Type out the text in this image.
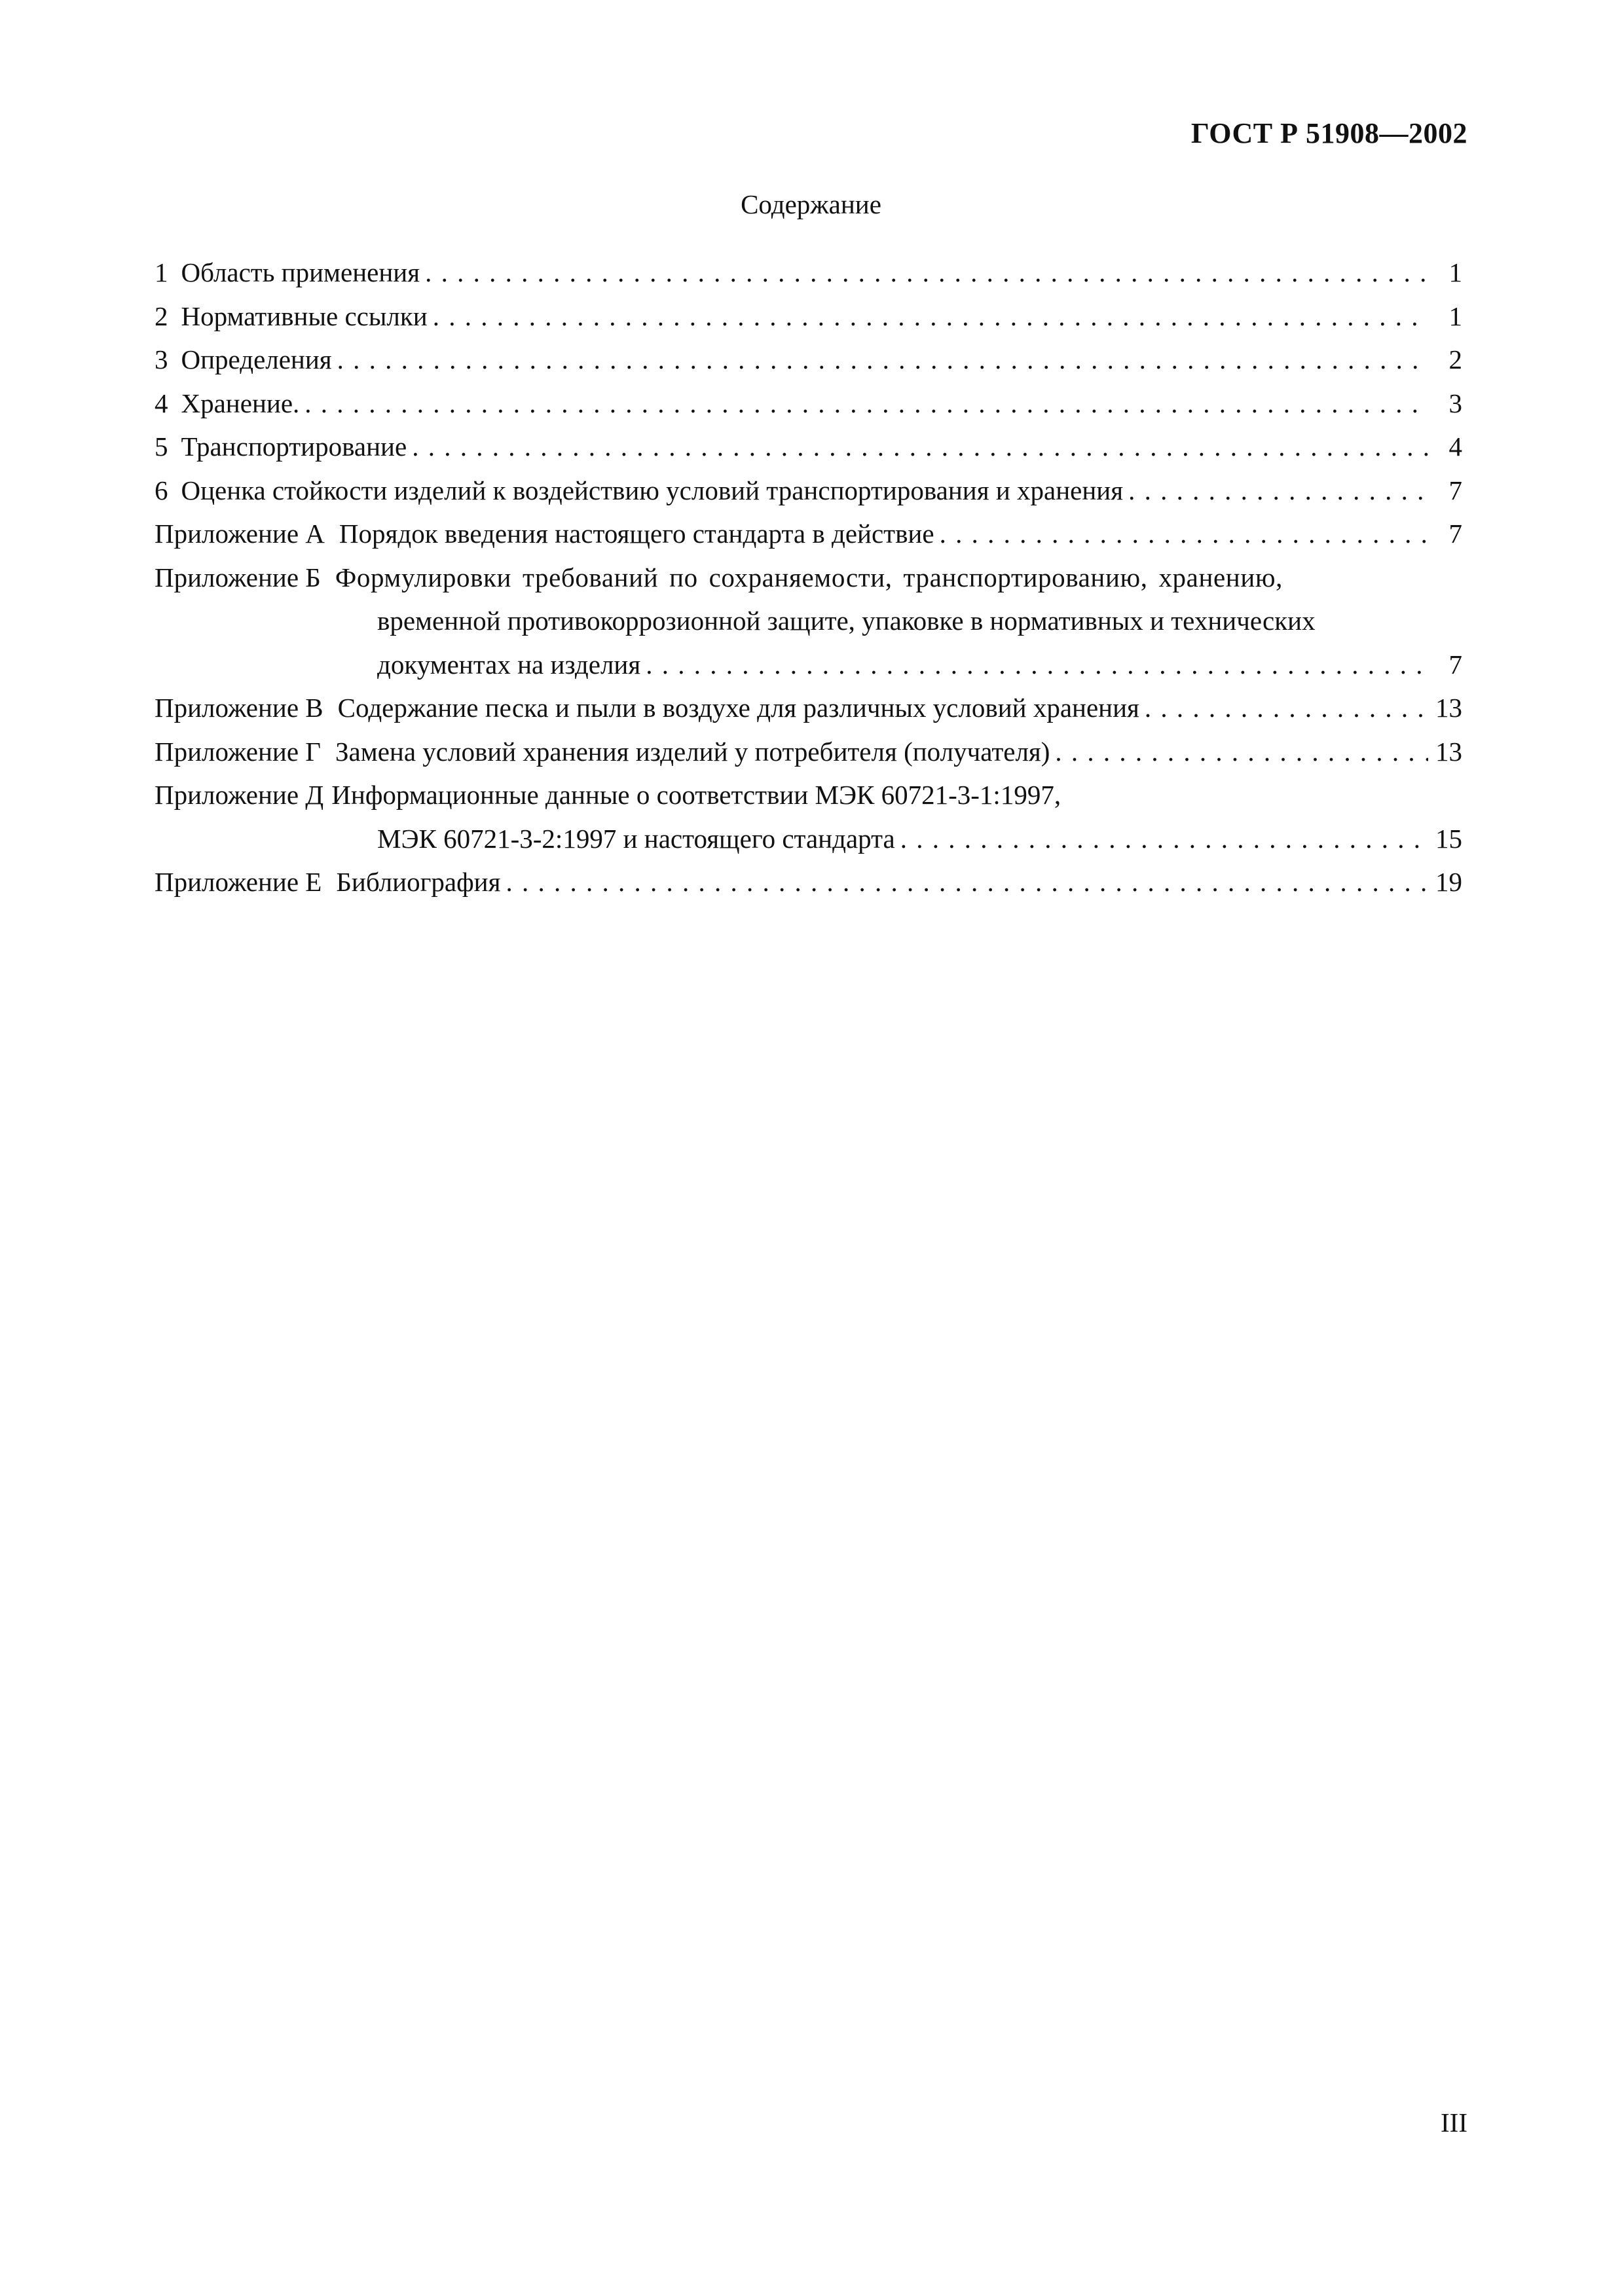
ГОСТ Р 51908—2002
Содержание
1 Область применения . . .	1
2 Нормативные ссылки . . .	1
3 Определения . . .	2
4 Хранение. . . .	3
5 Транспортирование . . .	4
6 Оценка стойкости изделий к воздействию условий транспортирования и хранения . . .	7
Приложение А Порядок введения настоящего стандарта в действие . . .	7
Приложение Б Формулировки требований по сохраняемости, транспортированию, хранению,
временной противокоррозионной защите, упаковке в нормативных и технических
документах на изделия . . .	7
Приложение В Содержание песка и пыли в воздухе для различных условий хранения . . .	13
Приложение Г Замена условий хранения изделий у потребителя (получателя) . . .	13
Приложение Д Информационные данные о соответствии МЭК 60721-3-1:1997,
МЭК 60721-3-2:1997 и настоящего стандарта . . .	15
Приложение Е Библиография . . .	19
III
